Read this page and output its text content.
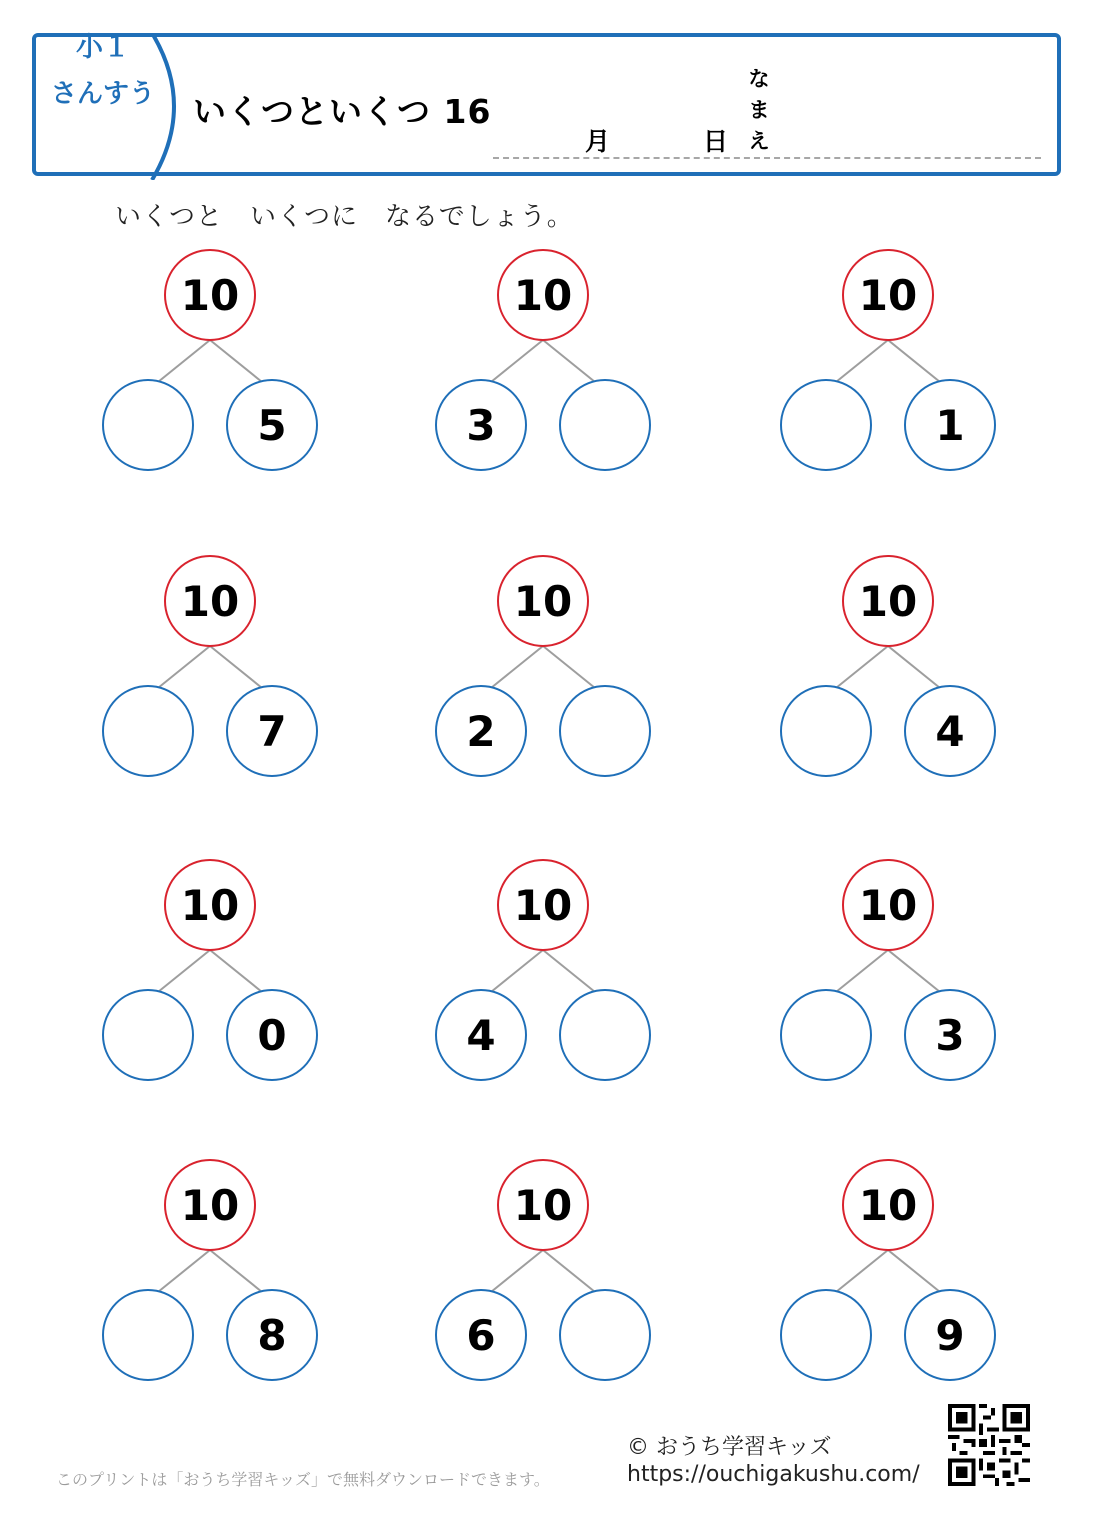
小１
さんすう	いくつといくつ 16
月	日
な
ま
え
いくつと　いくつに　なるでしょう。
10
5
10
3
10
1
10
7
10
2
10
4
10
0
10
4
10
3
10
8
10
6
10
9
このプリントは「おうち学習キッズ」で無料ダウンロードできます。
© おうち学習キッズ
https://ouchigakushu.com/
